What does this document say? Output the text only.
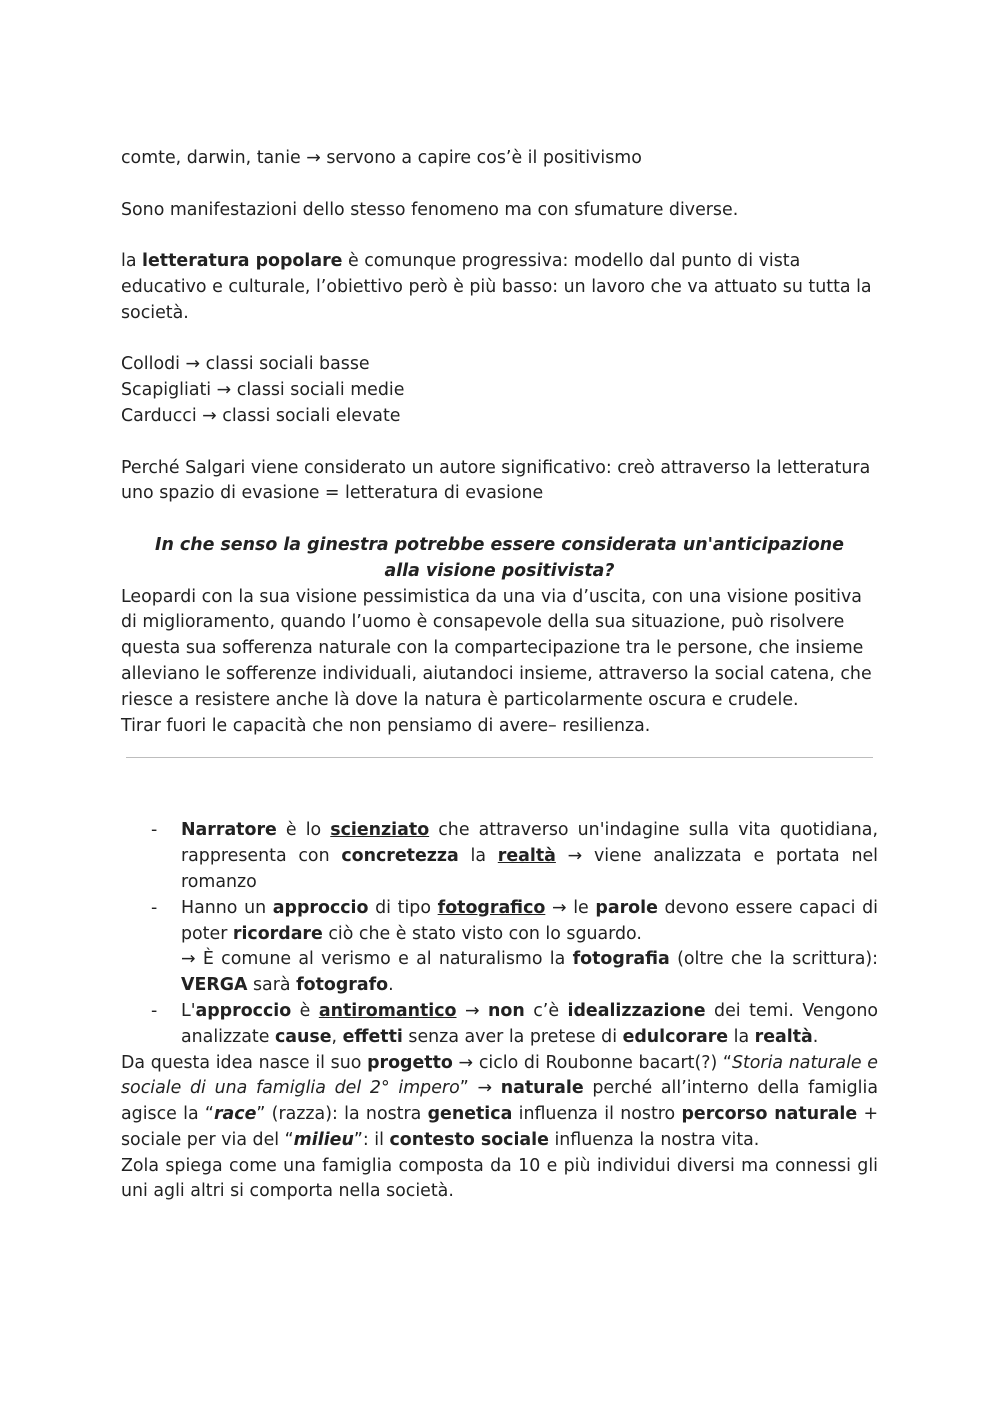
comte, darwin, tanie → servono a capire cos’è il positivismo

Sono manifestazioni dello stesso fenomeno ma con sfumature diverse.

la letteratura popolare è comunque progressiva: modello dal punto di vista educativo e culturale, l’obiettivo però è più basso: un lavoro che va attuato su tutta la società.

Collodi → classi sociali basse

Scapigliati → classi sociali medie

Carducci → classi sociali elevate

Perché Salgari viene considerato un autore significativo: creò attraverso la letteratura uno spazio di evasione = letteratura di evasione

In che senso la ginestra potrebbe essere considerata un'anticipazione
alla visione positivista?

Leopardi con la sua visione pessimistica da una via d’uscita, con una visione positiva di miglioramento, quando l’uomo è consapevole della sua situazione, può risolvere questa sua sofferenza naturale con la compartecipazione tra le persone, che insieme alleviano le sofferenze individuali, aiutandoci insieme, attraverso la social catena, che riesce a resistere anche là dove la natura è particolarmente oscura e crudele.

Tirar fuori le capacità che non pensiamo di avere– resilienza.

- Narratore è lo scienziato che attraverso un'indagine sulla vita quotidiana, rappresenta con concretezza la realtà → viene analizzata e portata nel romanzo
- Hanno un approccio di tipo fotografico → le parole devono essere capaci di poter ricordare ciò che è stato visto con lo sguardo.
→ È comune al verismo e al naturalismo la fotografia (oltre che la scrittura): VERGA sarà fotografo.
- L'approccio è antiromantico → non c’è idealizzazione dei temi. Vengono analizzate cause, effetti senza aver la pretese di edulcorare la realtà.

Da questa idea nasce il suo progetto → ciclo di Roubonne bacart(?) “Storia naturale e sociale di una famiglia del 2° impero” → naturale perché all’interno della famiglia agisce la “race” (razza): la nostra genetica influenza il nostro percorso naturale + sociale per via del “milieu”: il contesto sociale influenza la nostra vita.

Zola spiega come una famiglia composta da 10 e più individui diversi ma connessi gli uni agli altri si comporta nella società.
